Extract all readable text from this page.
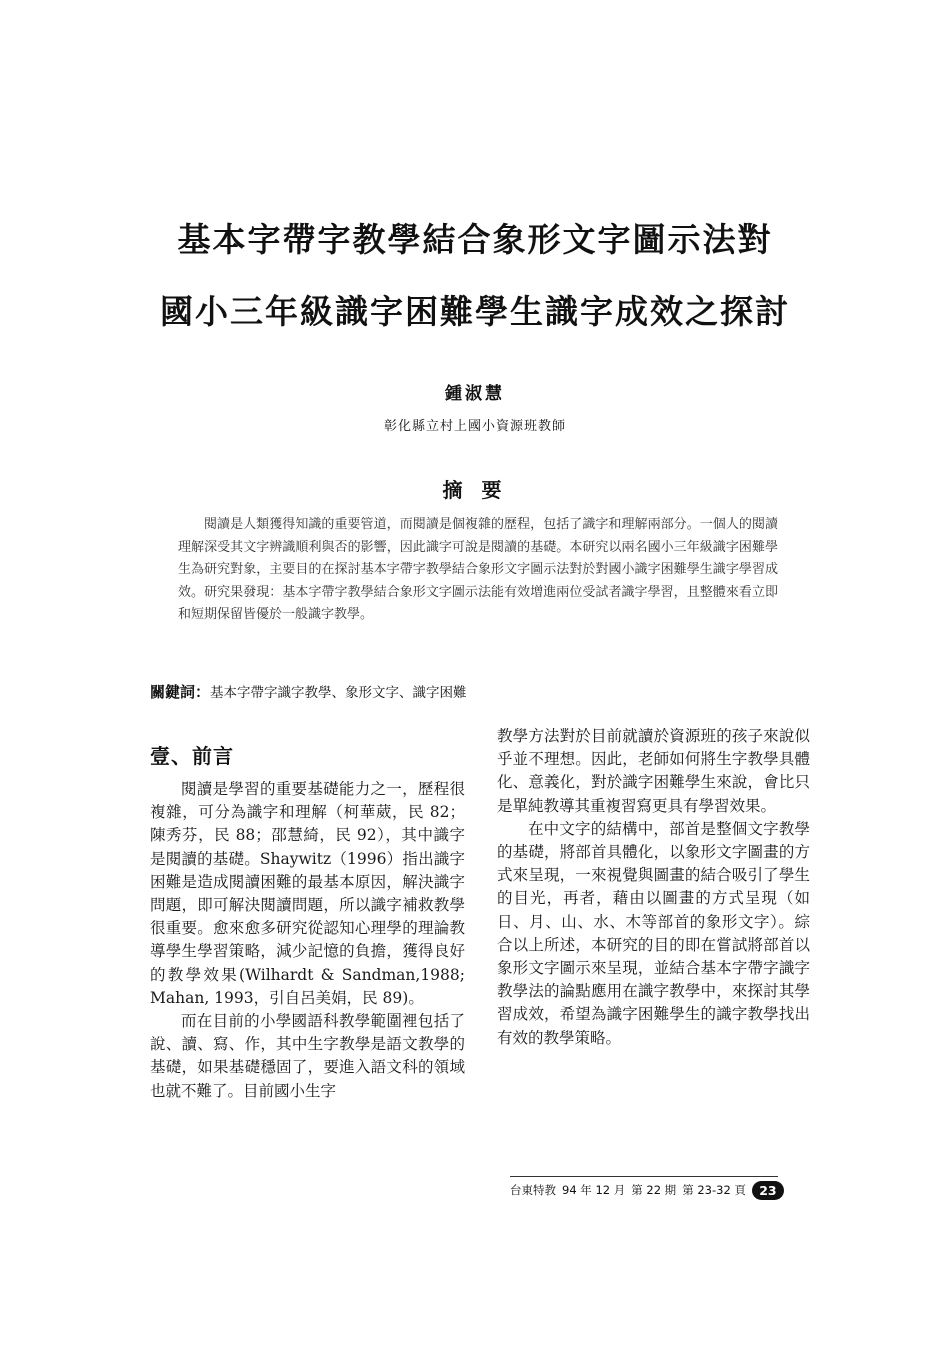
基本字帶字教學結合象形文字圖示法對
國小三年級識字困難學生識字成效之探討
鍾淑慧
彰化縣立村上國小資源班教師
摘 要

閱讀是人類獲得知識的重要管道，而閱讀是個複雜的歷程，包括了識字和理解兩部分。一個人的閱讀理解深受其文字辨識順利與否的影響，因此識字可說是閱讀的基礎。本研究以兩名國小三年級識字困難學生為研究對象，主要目的在探討基本字帶字教學結合象形文字圖示法對於對國小識字困難學生識字學習成效。研究果發現：基本字帶字教學結合象形文字圖示法能有效增進兩位受試者識字學習，且整體來看立即和短期保留皆優於一般識字教學。

關鍵詞：基本字帶字識字教學、象形文字、識字困難
壹、前言

閱讀是學習的重要基礎能力之一，歷程很複雜，可分為識字和理解（柯華葳，民 82；陳秀芬，民 88；邵慧綺，民 92），其中識字是閱讀的基礎。Shaywitz（1996）指出識字困難是造成閱讀困難的最基本原因，解決識字問題，即可解決閱讀問題，所以識字補救教學很重要。愈來愈多研究從認知心理學的理論教導學生學習策略，減少記憶的負擔，獲得良好的教學效果(Wilhardt & Sandman,1988; Mahan, 1993，引自呂美娟，民 89)。

而在目前的小學國語科教學範圍裡包括了說、讀、寫、作，其中生字教學是語文教學的基礎，如果基礎穩固了，要進入語文科的領域也就不難了。目前國小生字

教學方法對於目前就讀於資源班的孩子來說似乎並不理想。因此，老師如何將生字教學具體化、意義化，對於識字困難學生來說，會比只是單純教導其重複習寫更具有學習效果。

在中文字的結構中，部首是整個文字教學的基礎，將部首具體化，以象形文字圖畫的方式來呈現，一來視覺與圖畫的結合吸引了學生的目光，再者，藉由以圖畫的方式呈現（如日、月、山、水、木等部首的象形文字）。綜合以上所述，本研究的目的即在嘗試將部首以象形文字圖示來呈現，並結合基本字帶字識字教學法的論點應用在識字教學中，來探討其學習成效，希望為識字困難學生的識字教學找出有效的教學策略。

台東特教 94 年 12 月 第 22 期 第 23-32 頁	23
